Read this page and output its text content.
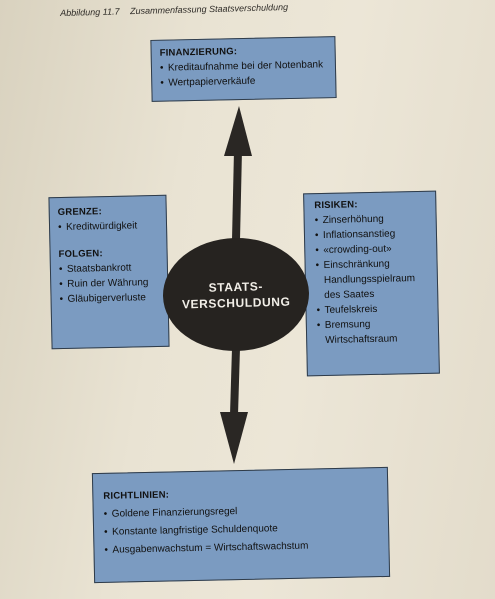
Abbildung 11.7 Zusammenfassung Staatsverschuldung
FINANZIERUNG:
• Kreditaufnahme bei der Notenbank
• Wertpapierverkäufe
GRENZE:
• Kreditwürdigkeit
FOLGEN:
• Staatsbankrott
• Ruin der Währung
• Gläubigerverluste
RISIKEN:
• Zinserhöhung
• Inflationsanstieg
• «crowding-out»
• Einschränkung
Handlungsspielraum
des Saates
• Teufelskreis
• Bremsung
Wirtschaftsraum
RICHTLINIEN:
• Goldene Finanzierungsregel
• Konstante langfristige Schuldenquote
• Ausgabenwachstum = Wirtschaftswachstum
STAATS-
VERSCHULDUNG
